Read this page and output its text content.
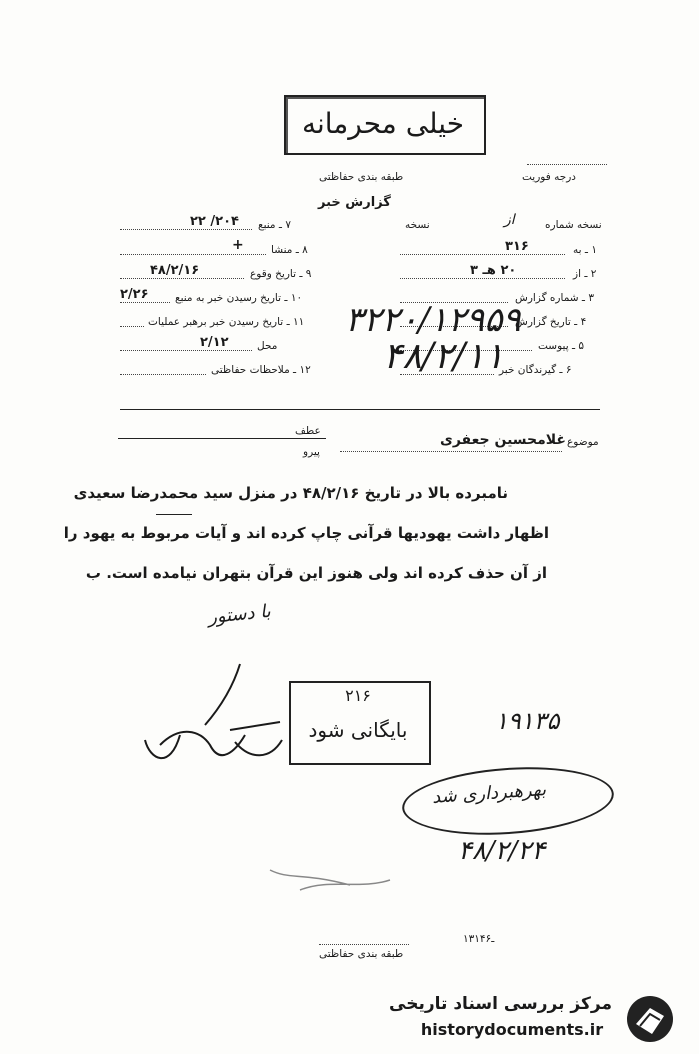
خیلی محرمانه
طبقه بندی حفاظتی	درجه فوریت
گزارش خبر
نسخه شماره
از
نسخه
۱ ـ به
۳۱۶
۲ ـ از
۲۰ هـ ۳
۳ ـ شماره گزارش
۴ ـ تاریخ گزارش
۵ ـ پیوست
۶ ـ گیرندگان خبر
۷ ـ منبع
۲۰۴/ ۲۲
۸ ـ منشا
+
۹ ـ تاریخ وقوع
۴۸/۲/۱۶
۱۰ ـ تاریخ رسیدن خبر به منبع
۲/۲۶
۱۱ ـ تاریخ رسیدن خبر برهبر عملیات
محل
۲/۱۲
۱۲ ـ ملاحظات حفاظتی
۳۲۲۰/۱۲۹۵۹
۴۸/۲/۱۱
عطف
پیرو
موضوع
غلامحسین جعفری
نامبرده بالا در تاریخ ۴۸/۲/۱۶ در منزل سید محمدرضا سعیدی
اظهار داشت یهودیها قرآنی چاپ کرده اند و آیات مربوط به یهود را
از آن حذف کرده اند ولی هنوز این قرآن بتهران نیامده است. ب
با دستور
۲۱۶
بایگانی شود	۱۹۱۳۵
بهرهبرداری شد
۴۸/۲/۲۴
۱۳۱ـ۴۶
طبقه بندی حفاظتی
مرکز بررسی اسناد تاریخی
historydocuments.ir
